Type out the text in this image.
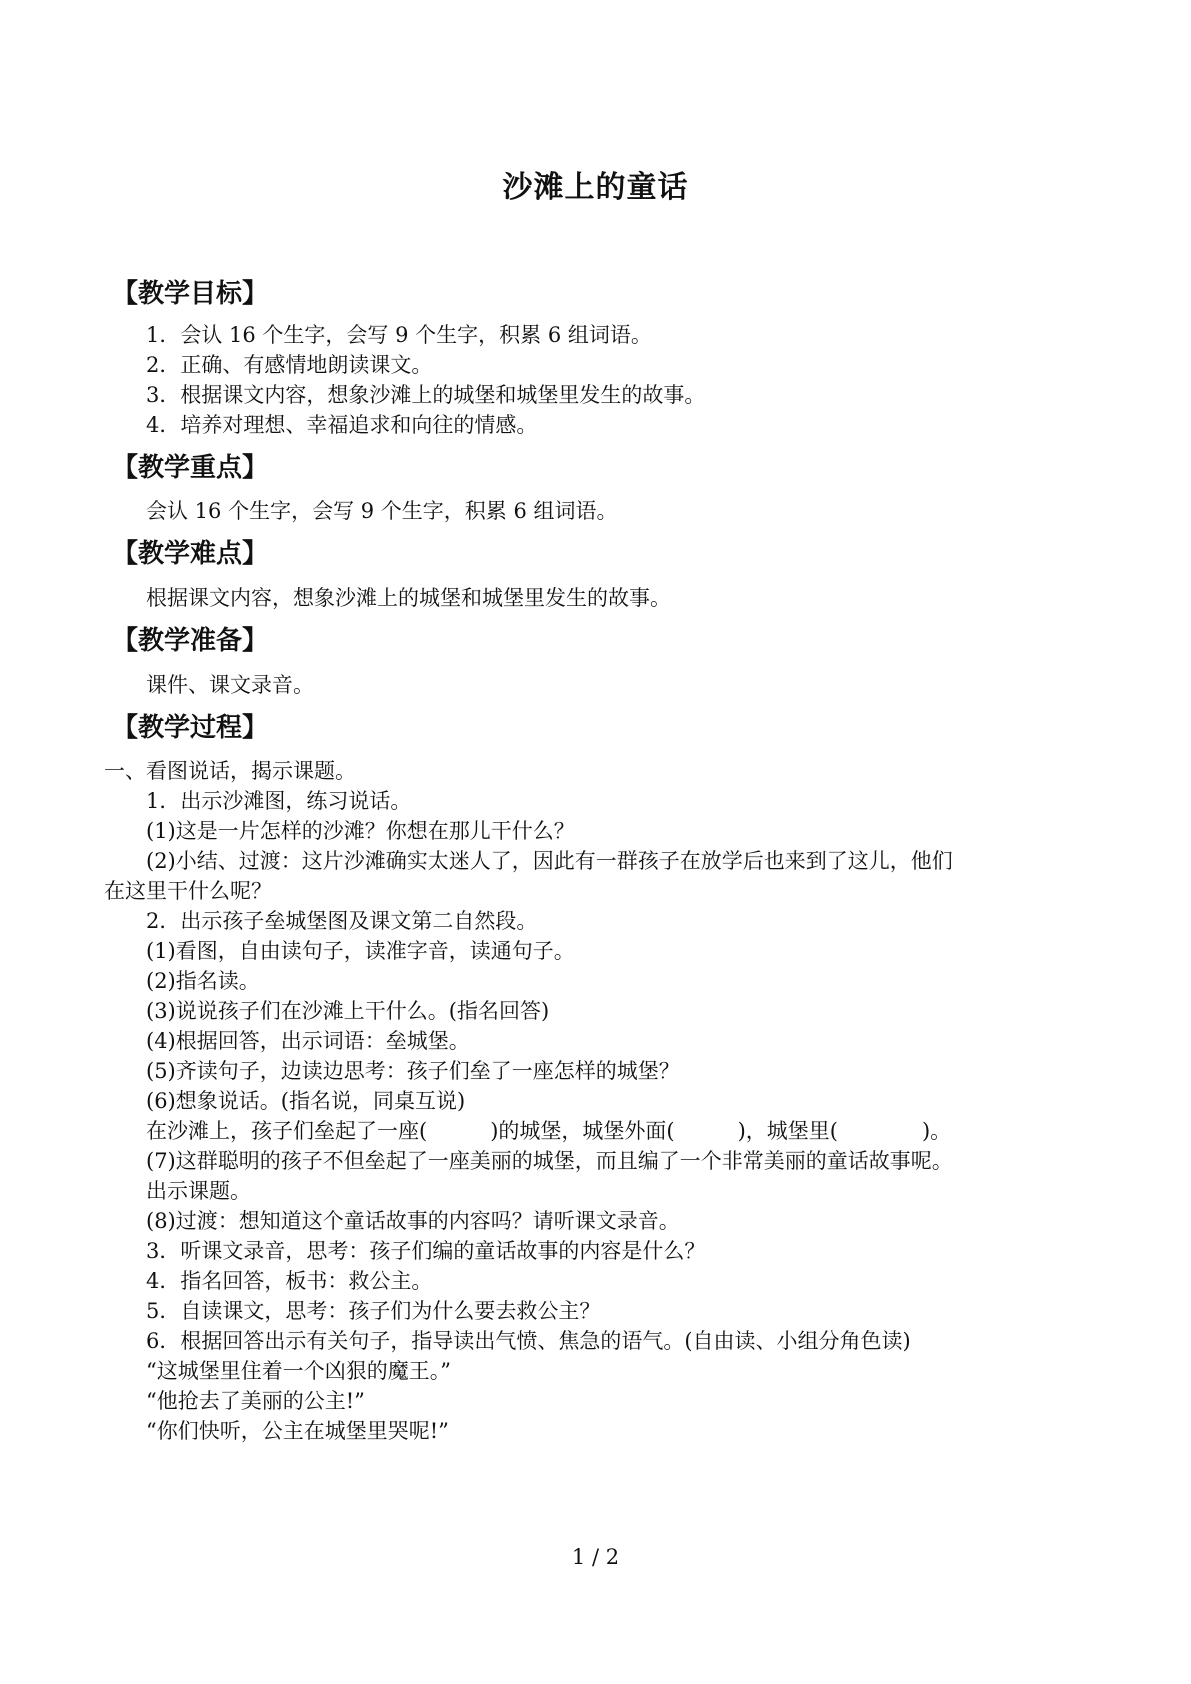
沙滩上的童话
【教学目标】
1．会认 16 个生字，会写 9 个生字，积累 6 组词语。
2．正确、有感情地朗读课文。
3．根据课文内容，想象沙滩上的城堡和城堡里发生的故事。
4．培养对理想、幸福追求和向往的情感。
【教学重点】
会认 16 个生字，会写 9 个生字，积累 6 组词语。
【教学难点】
根据课文内容，想象沙滩上的城堡和城堡里发生的故事。
【教学准备】
课件、课文录音。
【教学过程】
一、看图说话，揭示课题。
1．出示沙滩图，练习说话。
(1)这是一片怎样的沙滩？你想在那儿干什么？
(2)小结、过渡：这片沙滩确实太迷人了，因此有一群孩子在放学后也来到了这儿，他们
在这里干什么呢？
2．出示孩子垒城堡图及课文第二自然段。
(1)看图，自由读句子，读准字音，读通句子。
(2)指名读。
(3)说说孩子们在沙滩上干什么。(指名回答)
(4)根据回答，出示词语：垒城堡。
(5)齐读句子，边读边思考：孩子们垒了一座怎样的城堡？
(6)想象说话。(指名说，同桌互说)
在沙滩上，孩子们垒起了一座(　　　)的城堡，城堡外面(　　　)，城堡里(　　　　)。
(7)这群聪明的孩子不但垒起了一座美丽的城堡，而且编了一个非常美丽的童话故事呢。
出示课题。
(8)过渡：想知道这个童话故事的内容吗？请听课文录音。
3．听课文录音，思考：孩子们编的童话故事的内容是什么？
4．指名回答，板书：救公主。
5．自读课文，思考：孩子们为什么要去救公主？
6．根据回答出示有关句子，指导读出气愤、焦急的语气。(自由读、小组分角色读)
“这城堡里住着一个凶狠的魔王。”
“他抢去了美丽的公主!”
“你们快听，公主在城堡里哭呢!”
1 / 2
